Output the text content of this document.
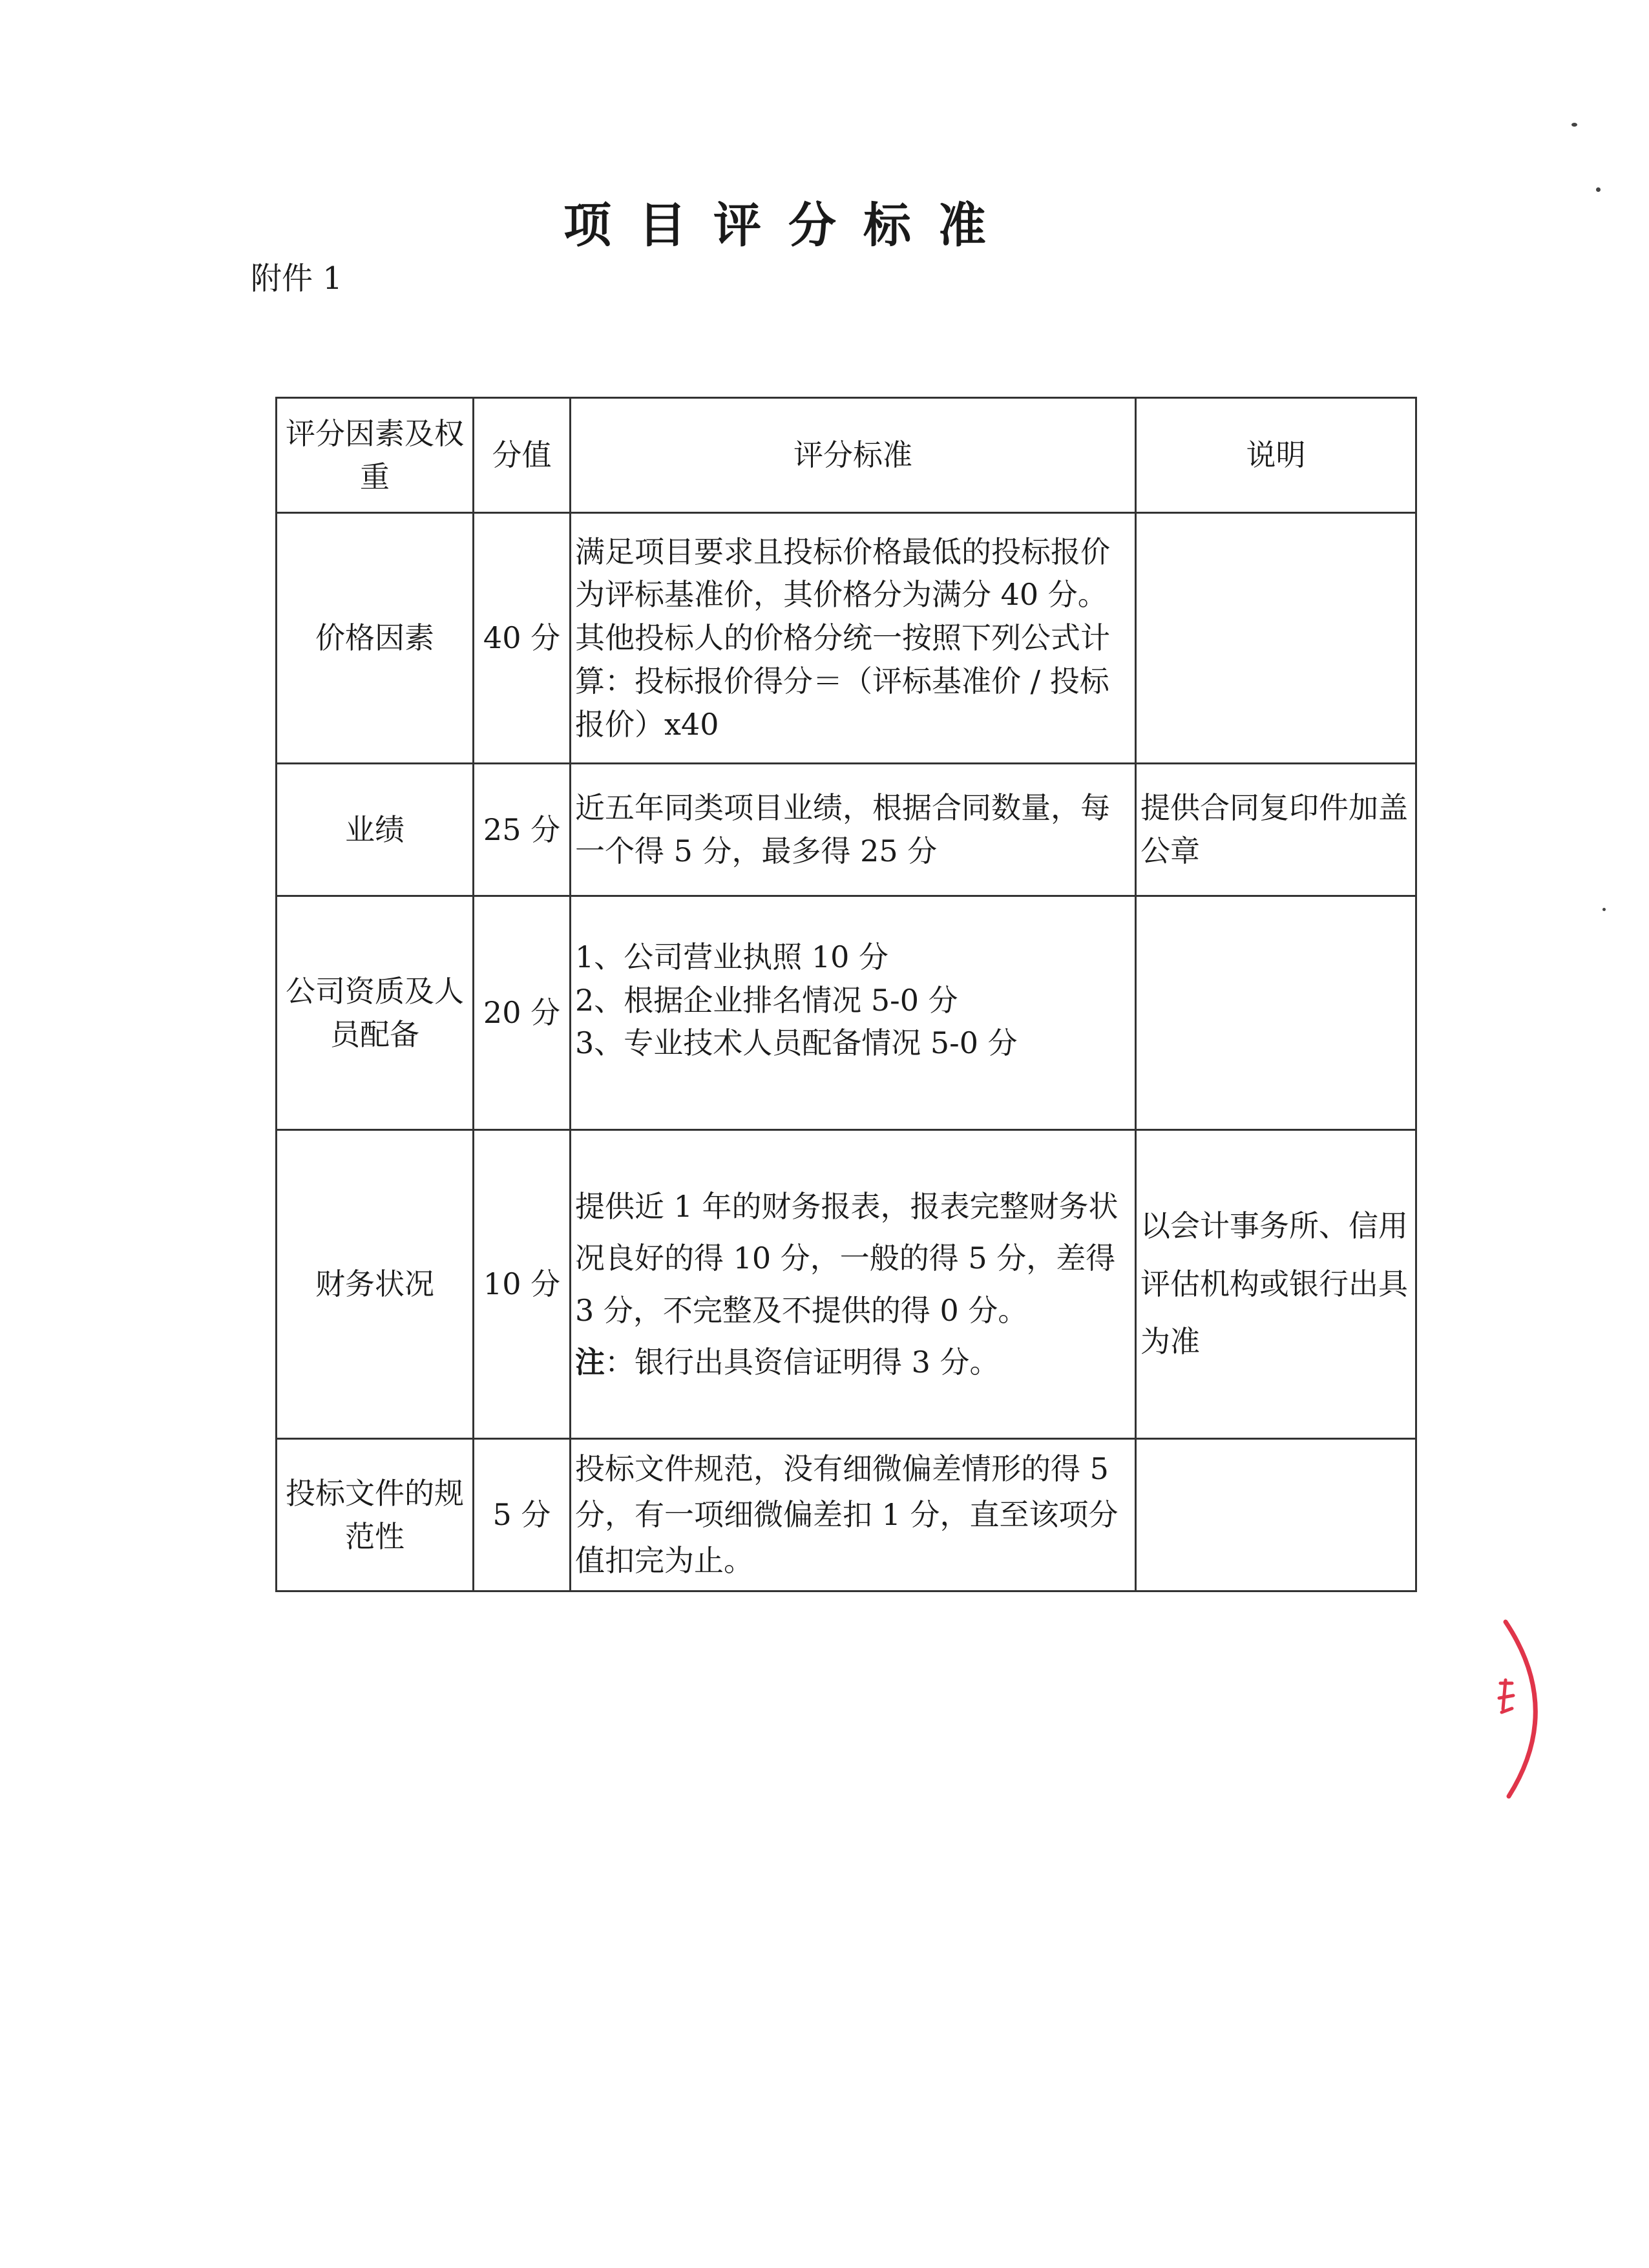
项目评分标准
附件 1
评分因素及权重	分值	评分标准	说明
价格因素	40 分	满足项目要求且投标价格最低的投标报价为评标基准价，其价格分为满分 40 分。其他投标人的价格分统一按照下列公式计算：投标报价得分＝（评标基准价 / 投标报价）x40	
业绩	25 分	近五年同类项目业绩，根据合同数量，每一个得 5 分，最多得 25 分	提供合同复印件加盖公章
公司资质及人员配备	20 分	1、公司营业执照 10 分
2、根据企业排名情况 5-0 分
3、专业技术人员配备情况 5-0 分	

财务状况	10 分	提供近 1 年的财务报表，报表完整财务状况良好的得 10 分，一般的得 5 分，差得 3 分，不完整及不提供的得 0 分。
注：银行出具资信证明得 3 分。	以会计事务所、信用评估机构或银行出具为准
投标文件的规范性	5 分	投标文件规范，没有细微偏差情形的得 5 分，有一项细微偏差扣 1 分，直至该项分值扣完为止。	
